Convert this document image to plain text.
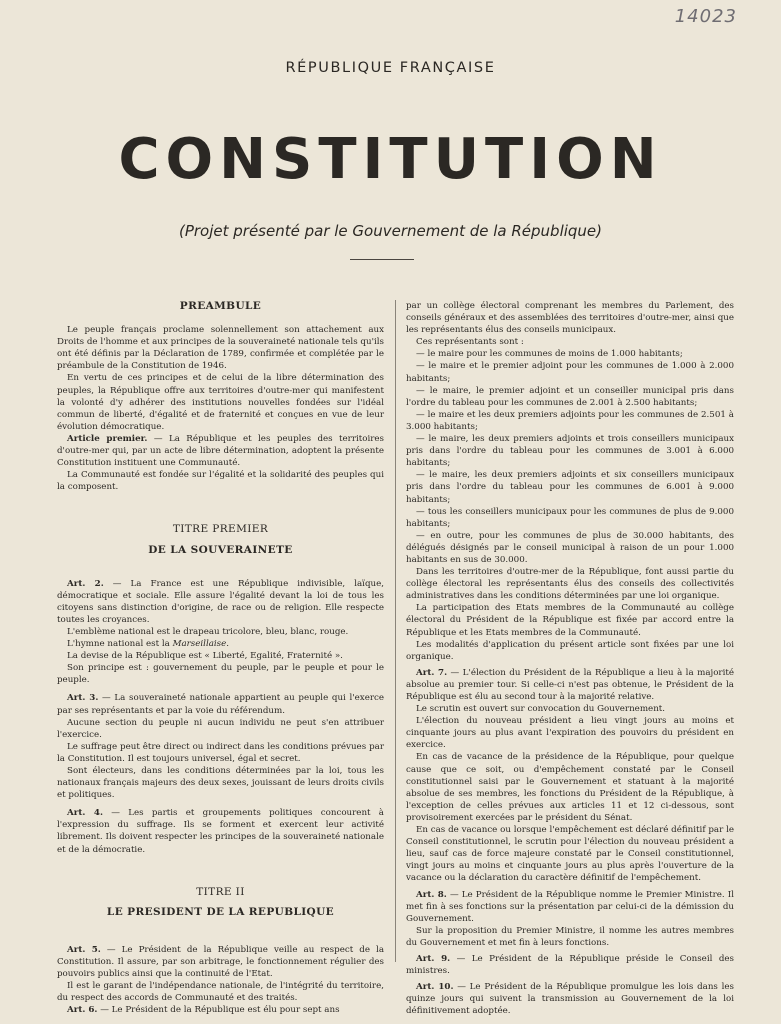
14023
RÉPUBLIQUE FRANÇAISE
CONSTITUTION
(Projet présenté par le Gouvernement de la République)
PREAMBULE

Le peuple français proclame solennellement son attachement aux Droits de l'homme et aux principes de la souveraineté nationale tels qu'ils ont été définis par la Déclaration de 1789, confirmée et complétée par le préambule de la Constitution de 1946.

En vertu de ces principes et de celui de la libre détermination des peuples, la République offre aux territoires d'outre-mer qui manifestent la volonté d'y adhérer des institutions nouvelles fondées sur l'idéal commun de liberté, d'égalité et de fraternité et conçues en vue de leur évolution démocratique.

Article premier. — La République et les peuples des territoires d'outre-mer qui, par un acte de libre détermination, adoptent la présente Constitution instituent une Communauté.

La Communauté est fondée sur l'égalité et la solidarité des peuples qui la composent.

TITRE PREMIER
DE LA SOUVERAINETE

Art. 2. — La France est une République indivisible, laïque, démocratique et sociale. Elle assure l'égalité devant la loi de tous les citoyens sans distinction d'origine, de race ou de religion. Elle respecte toutes les croyances.

L'emblème national est le drapeau tricolore, bleu, blanc, rouge.

L'hymne national est la Marseillaise.

La devise de la République est « Liberté, Egalité, Fraternité ».

Son principe est : gouvernement du peuple, par le peuple et pour le peuple.

Art. 3. — La souveraineté nationale appartient au peuple qui l'exerce par ses représentants et par la voie du référendum.

Aucune section du peuple ni aucun individu ne peut s'en attribuer l'exercice.

Le suffrage peut être direct ou indirect dans les conditions prévues par la Constitution. Il est toujours universel, égal et secret.

Sont électeurs, dans les conditions déterminées par la loi, tous les nationaux français majeurs des deux sexes, jouissant de leurs droits civils et politiques.

Art. 4. — Les partis et groupements politiques concourent à l'expression du suffrage. Ils se forment et exercent leur activité librement. Ils doivent respecter les principes de la souveraineté nationale et de la démocratie.

TITRE II
LE PRESIDENT DE LA REPUBLIQUE

Art. 5. — Le Président de la République veille au respect de la Constitution. Il assure, par son arbitrage, le fonctionnement régulier des pouvoirs publics ainsi que la continuité de l'Etat.

Il est le garant de l'indépendance nationale, de l'intégrité du territoire, du respect des accords de Communauté et des traités.

Art. 6. — Le Président de la République est élu pour sept ans

par un collège électoral comprenant les membres du Parlement, des conseils généraux et des assemblées des territoires d'outre-mer, ainsi que les représentants élus des conseils municipaux.

Ces représentants sont :

— le maire pour les communes de moins de 1.000 habitants;

— le maire et le premier adjoint pour les communes de 1.000 à 2.000 habitants;

— le maire, le premier adjoint et un conseiller municipal pris dans l'ordre du tableau pour les communes de 2.001 à 2.500 habitants;

— le maire et les deux premiers adjoints pour les communes de 2.501 à 3.000 habitants;

— le maire, les deux premiers adjoints et trois conseillers municipaux pris dans l'ordre du tableau pour les communes de 3.001 à 6.000 habitants;

— le maire, les deux premiers adjoints et six conseillers municipaux pris dans l'ordre du tableau pour les communes de 6.001 à 9.000 habitants;

— tous les conseillers municipaux pour les communes de plus de 9.000 habitants;

— en outre, pour les communes de plus de 30.000 habitants, des délégués désignés par le conseil municipal à raison de un pour 1.000 habitants en sus de 30.000.

Dans les territoires d'outre-mer de la République, font aussi partie du collège électoral les représentants élus des conseils des collectivités administratives dans les conditions déterminées par une loi organique.

La participation des Etats membres de la Communauté au collège électoral du Président de la République est fixée par accord entre la République et les Etats membres de la Communauté.

Les modalités d'application du présent article sont fixées par une loi organique.

Art. 7. — L'élection du Président de la République a lieu à la majorité absolue au premier tour. Si celle-ci n'est pas obtenue, le Président de la République est élu au second tour à la majorité relative.

Le scrutin est ouvert sur convocation du Gouvernement.

L'élection du nouveau président a lieu vingt jours au moins et cinquante jours au plus avant l'expiration des pouvoirs du président en exercice.

En cas de vacance de la présidence de la République, pour quelque cause que ce soit, ou d'empêchement constaté par le Conseil constitutionnel saisi par le Gouvernement et statuant à la majorité absolue de ses membres, les fonctions du Président de la République, à l'exception de celles prévues aux articles 11 et 12 ci-dessous, sont provisoirement exercées par le président du Sénat.

En cas de vacance ou lorsque l'empêchement est déclaré définitif par le Conseil constitutionnel, le scrutin pour l'élection du nouveau président a lieu, sauf cas de force majeure constaté par le Conseil constitutionnel, vingt jours au moins et cinquante jours au plus après l'ouverture de la vacance ou la déclaration du caractère définitif de l'empêchement.

Art. 8. — Le Président de la République nomme le Premier Ministre. Il met fin à ses fonctions sur la présentation par celui-ci de la démission du Gouvernement.

Sur la proposition du Premier Ministre, il nomme les autres membres du Gouvernement et met fin à leurs fonctions.

Art. 9. — Le Président de la République préside le Conseil des ministres.

Art. 10. — Le Président de la République promulgue les lois dans les quinze jours qui suivent la transmission au Gouvernement de la loi définitivement adoptée.
